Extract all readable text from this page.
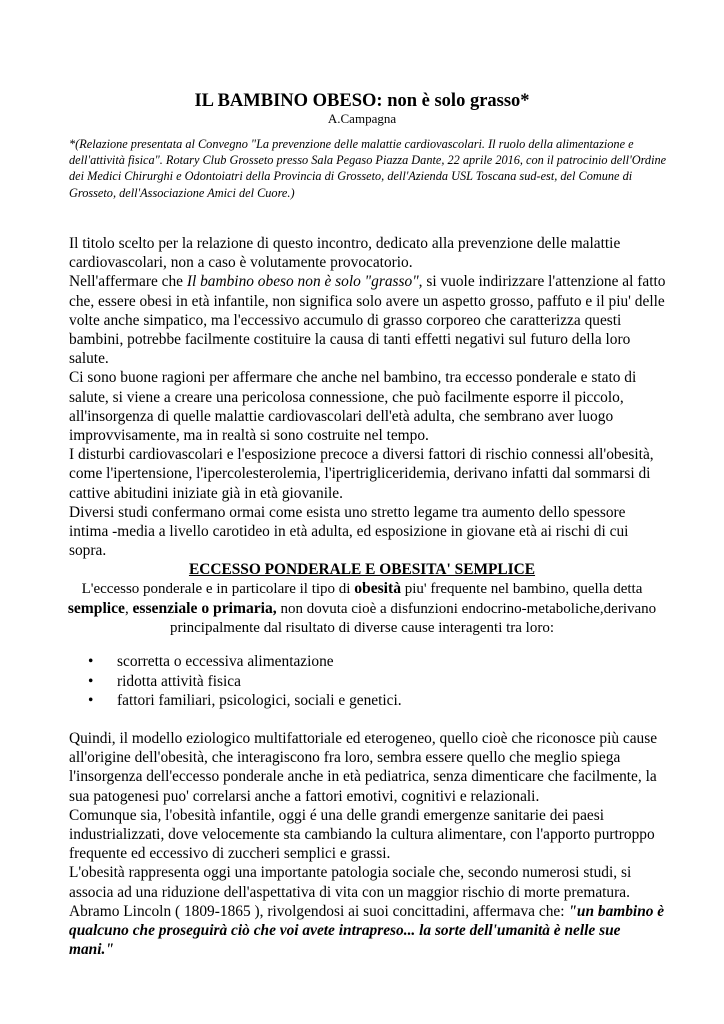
IL BAMBINO OBESO: non è solo grasso*
A.Campagna

*(Relazione presentata al Convegno "La prevenzione delle malattie cardiovascolari. Il ruolo della alimentazione e dell'attività fisica". Rotary Club Grosseto presso Sala Pegaso Piazza Dante, 22 aprile 2016, con il patrocinio dell'Ordine dei Medici Chirurghi e Odontoiatri della Provincia di Grosseto, dell'Azienda USL Toscana sud-est, del Comune di Grosseto, dell'Associazione Amici del Cuore.)

Il titolo scelto per la relazione di questo incontro, dedicato alla prevenzione delle malattie cardiovascolari, non a caso è volutamente provocatorio.

Nell'affermare che Il bambino obeso non è solo "grasso", si vuole indirizzare l'attenzione al fatto che, essere obesi in età infantile, non significa solo avere un aspetto grosso, paffuto e il piu' delle volte anche simpatico, ma l'eccessivo accumulo di grasso corporeo che caratterizza questi bambini, potrebbe facilmente costituire la causa di tanti effetti negativi sul futuro della loro salute.

Ci sono buone ragioni per affermare che anche nel bambino, tra eccesso ponderale e stato di salute, si viene a creare una pericolosa connessione, che può facilmente esporre il piccolo, all'insorgenza di quelle malattie cardiovascolari dell'età adulta, che sembrano aver luogo improvvisamente, ma in realtà si sono costruite nel tempo.

I disturbi cardiovascolari e l'esposizione precoce a diversi fattori di rischio connessi all'obesità, come l'ipertensione, l'ipercolesterolemia, l'ipertrigliceridemia, derivano infatti dal sommarsi di cattive abitudini iniziate già in età giovanile.

Diversi studi confermano ormai come esista uno stretto legame tra aumento dello spessore intima -media a livello carotideo in età adulta, ed esposizione in giovane età ai rischi di cui sopra.

ECCESSO PONDERALE E OBESITA' SEMPLICE
L'eccesso ponderale e in particolare il tipo di obesità piu' frequente nel bambino, quella detta semplice, essenziale o primaria, non dovuta cioè a disfunzioni endocrino-metaboliche,derivano principalmente dal risultato di diverse cause interagenti tra loro:
• scorretta o eccessiva alimentazione
• ridotta attività fisica
• fattori familiari, psicologici, sociali e genetici.

Quindi, il modello eziologico multifattoriale ed eterogeneo, quello cioè che riconosce più cause all'origine dell'obesità, che interagiscono fra loro, sembra essere quello che meglio spiega l'insorgenza dell'eccesso ponderale anche in età pediatrica, senza dimenticare che facilmente, la sua patogenesi puo' correlarsi anche a fattori emotivi, cognitivi e relazionali.

Comunque sia, l'obesità infantile, oggi é una delle grandi emergenze sanitarie dei paesi industrializzati, dove velocemente sta cambiando la cultura alimentare, con l'apporto purtroppo frequente ed eccessivo di zuccheri semplici e grassi.

L'obesità rappresenta oggi una importante patologia sociale che, secondo numerosi studi, si associa ad una riduzione dell'aspettativa di vita con un maggior rischio di morte prematura. Abramo Lincoln ( 1809-1865 ), rivolgendosi ai suoi concittadini, affermava che: "un bambino è qualcuno che proseguirà ciò che voi avete intrapreso... la sorte dell'umanità è nelle sue mani."
